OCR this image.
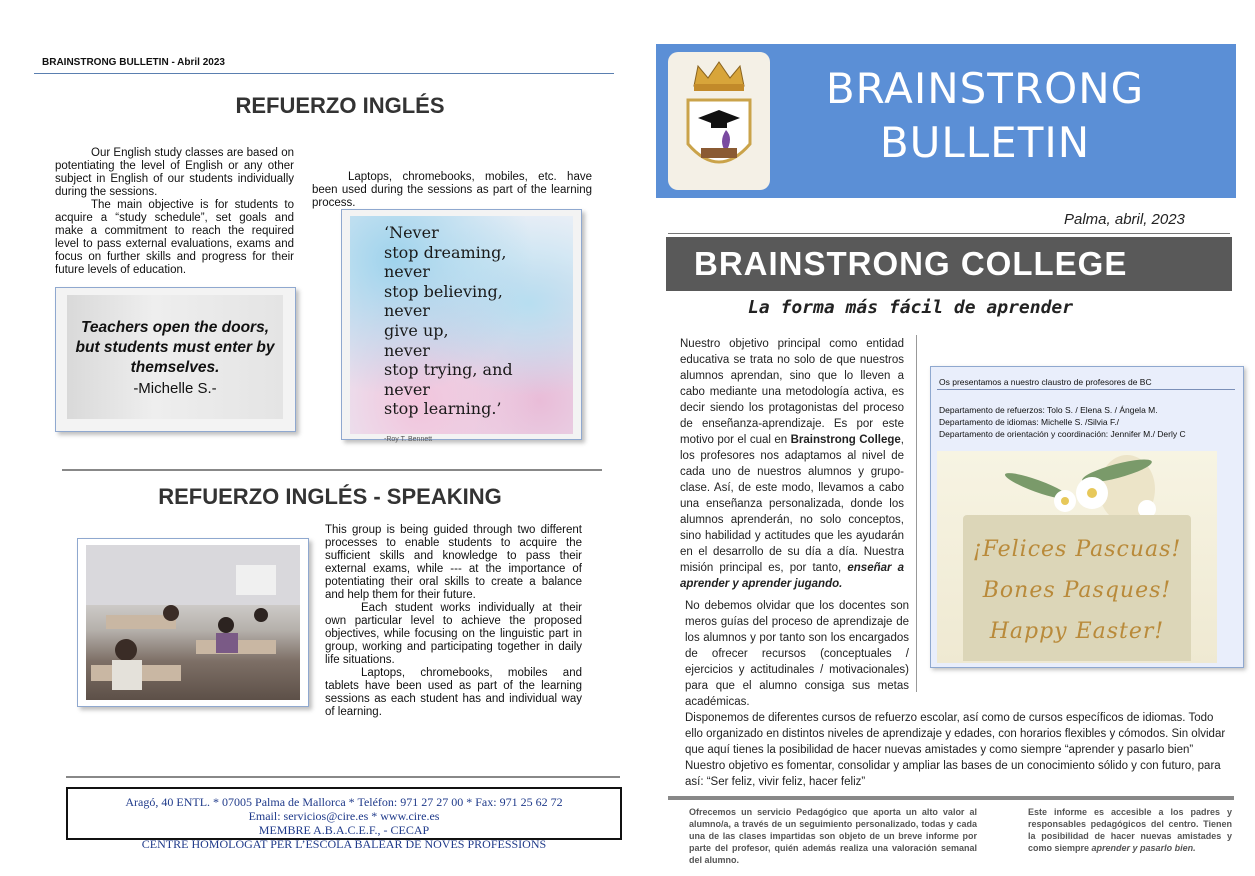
BRAINSTRONG BULLETIN - Abril 2023
REFUERZO INGLÉS

Our English study classes are based on potentiating the level of English or any other subject in English of our students individually during the sessions.

The main objective is for students to acquire a “study schedule”, set goals and make a commitment to reach the required level to pass external evaluations, exams and focus on further skills and progress for their future levels of education.

Laptops, chromebooks, mobiles, etc. have been used during the sessions as part of the learning process.

Teachers open the doors, but students must enter by themselves.
-Michelle S.-
‘Never
stop dreaming,
never
stop believing,
never
give up,
never
stop trying, and
never
stop learning.’
-Roy T. Bennett
REFUERZO INGLÉS - SPEAKING

This group is being guided through two different processes to enable students to acquire the sufficient skills and knowledge to pass their external exams, while --- at the importance of potentiating their oral skills to create a balance and help them for their future.

Each student works individually at their own particular level to achieve the proposed objectives, while focusing on the linguistic part in group, working and participating together in daily life situations.

Laptops, chromebooks, mobiles and tablets have been used as part of the learning sessions as each student has and individual way of learning.

Aragó, 40 ENTL. * 07005 Palma de Mallorca * Teléfon: 971 27 27 00 * Fax: 971 25 62 72
Email: servicios@cire.es * www.cire.es
MEMBRE A.B.A.C.E.F., - CECAP
CENTRE HOMOLOGAT PER L’ESCOLA BALEAR DE NOVES PROFESSIONS
BRAINSTRONG
BULLETIN
Palma, abril, 2023
BRAINSTRONG COLLEGE
La forma más fácil de aprender
Nuestro objetivo principal como entidad educativa se trata no solo de que nuestros alumnos aprendan, sino que lo lleven a cabo mediante una metodología activa, es decir siendo los protagonistas del proceso de enseñanza-aprendizaje. Es por este motivo por el cual en Brainstrong College, los profesores nos adaptamos al nivel de cada uno de nuestros alumnos y grupo-clase. Así, de este modo, llevamos a cabo una enseñanza personalizada, donde los alumnos aprenderán, no solo conceptos, sino habilidad y actitudes que les ayudarán en el desarrollo de su día a día. Nuestra misión principal es, por tanto, enseñar a aprender y aprender jugando.
No debemos olvidar que los docentes son meros guías del proceso de aprendizaje de los alumnos y por tanto son los encargados de ofrecer recursos (conceptuales / ejercicios y actitudinales / motivacionales) para que el alumno consiga sus metas académicas.
Os presentamos a nuestro claustro de profesores de BC
Departamento de refuerzos: Tolo S. / Elena S. / Ángela M.
Departamento de idiomas: Michelle S. /Silvia F./
Departamento de orientación y coordinación: Jennifer M./ Derly C
¡Felices Pascuas!
Bones Pasques!
Happy Easter!
Disponemos de diferentes cursos de refuerzo escolar, así como de cursos específicos de idiomas. Todo ello organizado en distintos niveles de aprendizaje y edades, con horarios flexibles y cómodos. Sin olvidar que aquí tienes la posibilidad de hacer nuevas amistades y como siempre “aprender y pasarlo bien”
Nuestro objetivo es fomentar, consolidar y ampliar las bases de un conocimiento sólido y con futuro, para así: “Ser feliz, vivir feliz, hacer feliz”
Ofrecemos un servicio Pedagógico que aporta un alto valor al alumno/a, a través de un seguimiento personalizado, todas y cada una de las clases impartidas son objeto de un breve informe por parte del profesor, quién además realiza una valoración semanal del alumno.
Este informe es accesible a los padres y responsables pedagógicos del centro. Tienen la posibilidad de hacer nuevas amistades y como siempre aprender y pasarlo bien.
